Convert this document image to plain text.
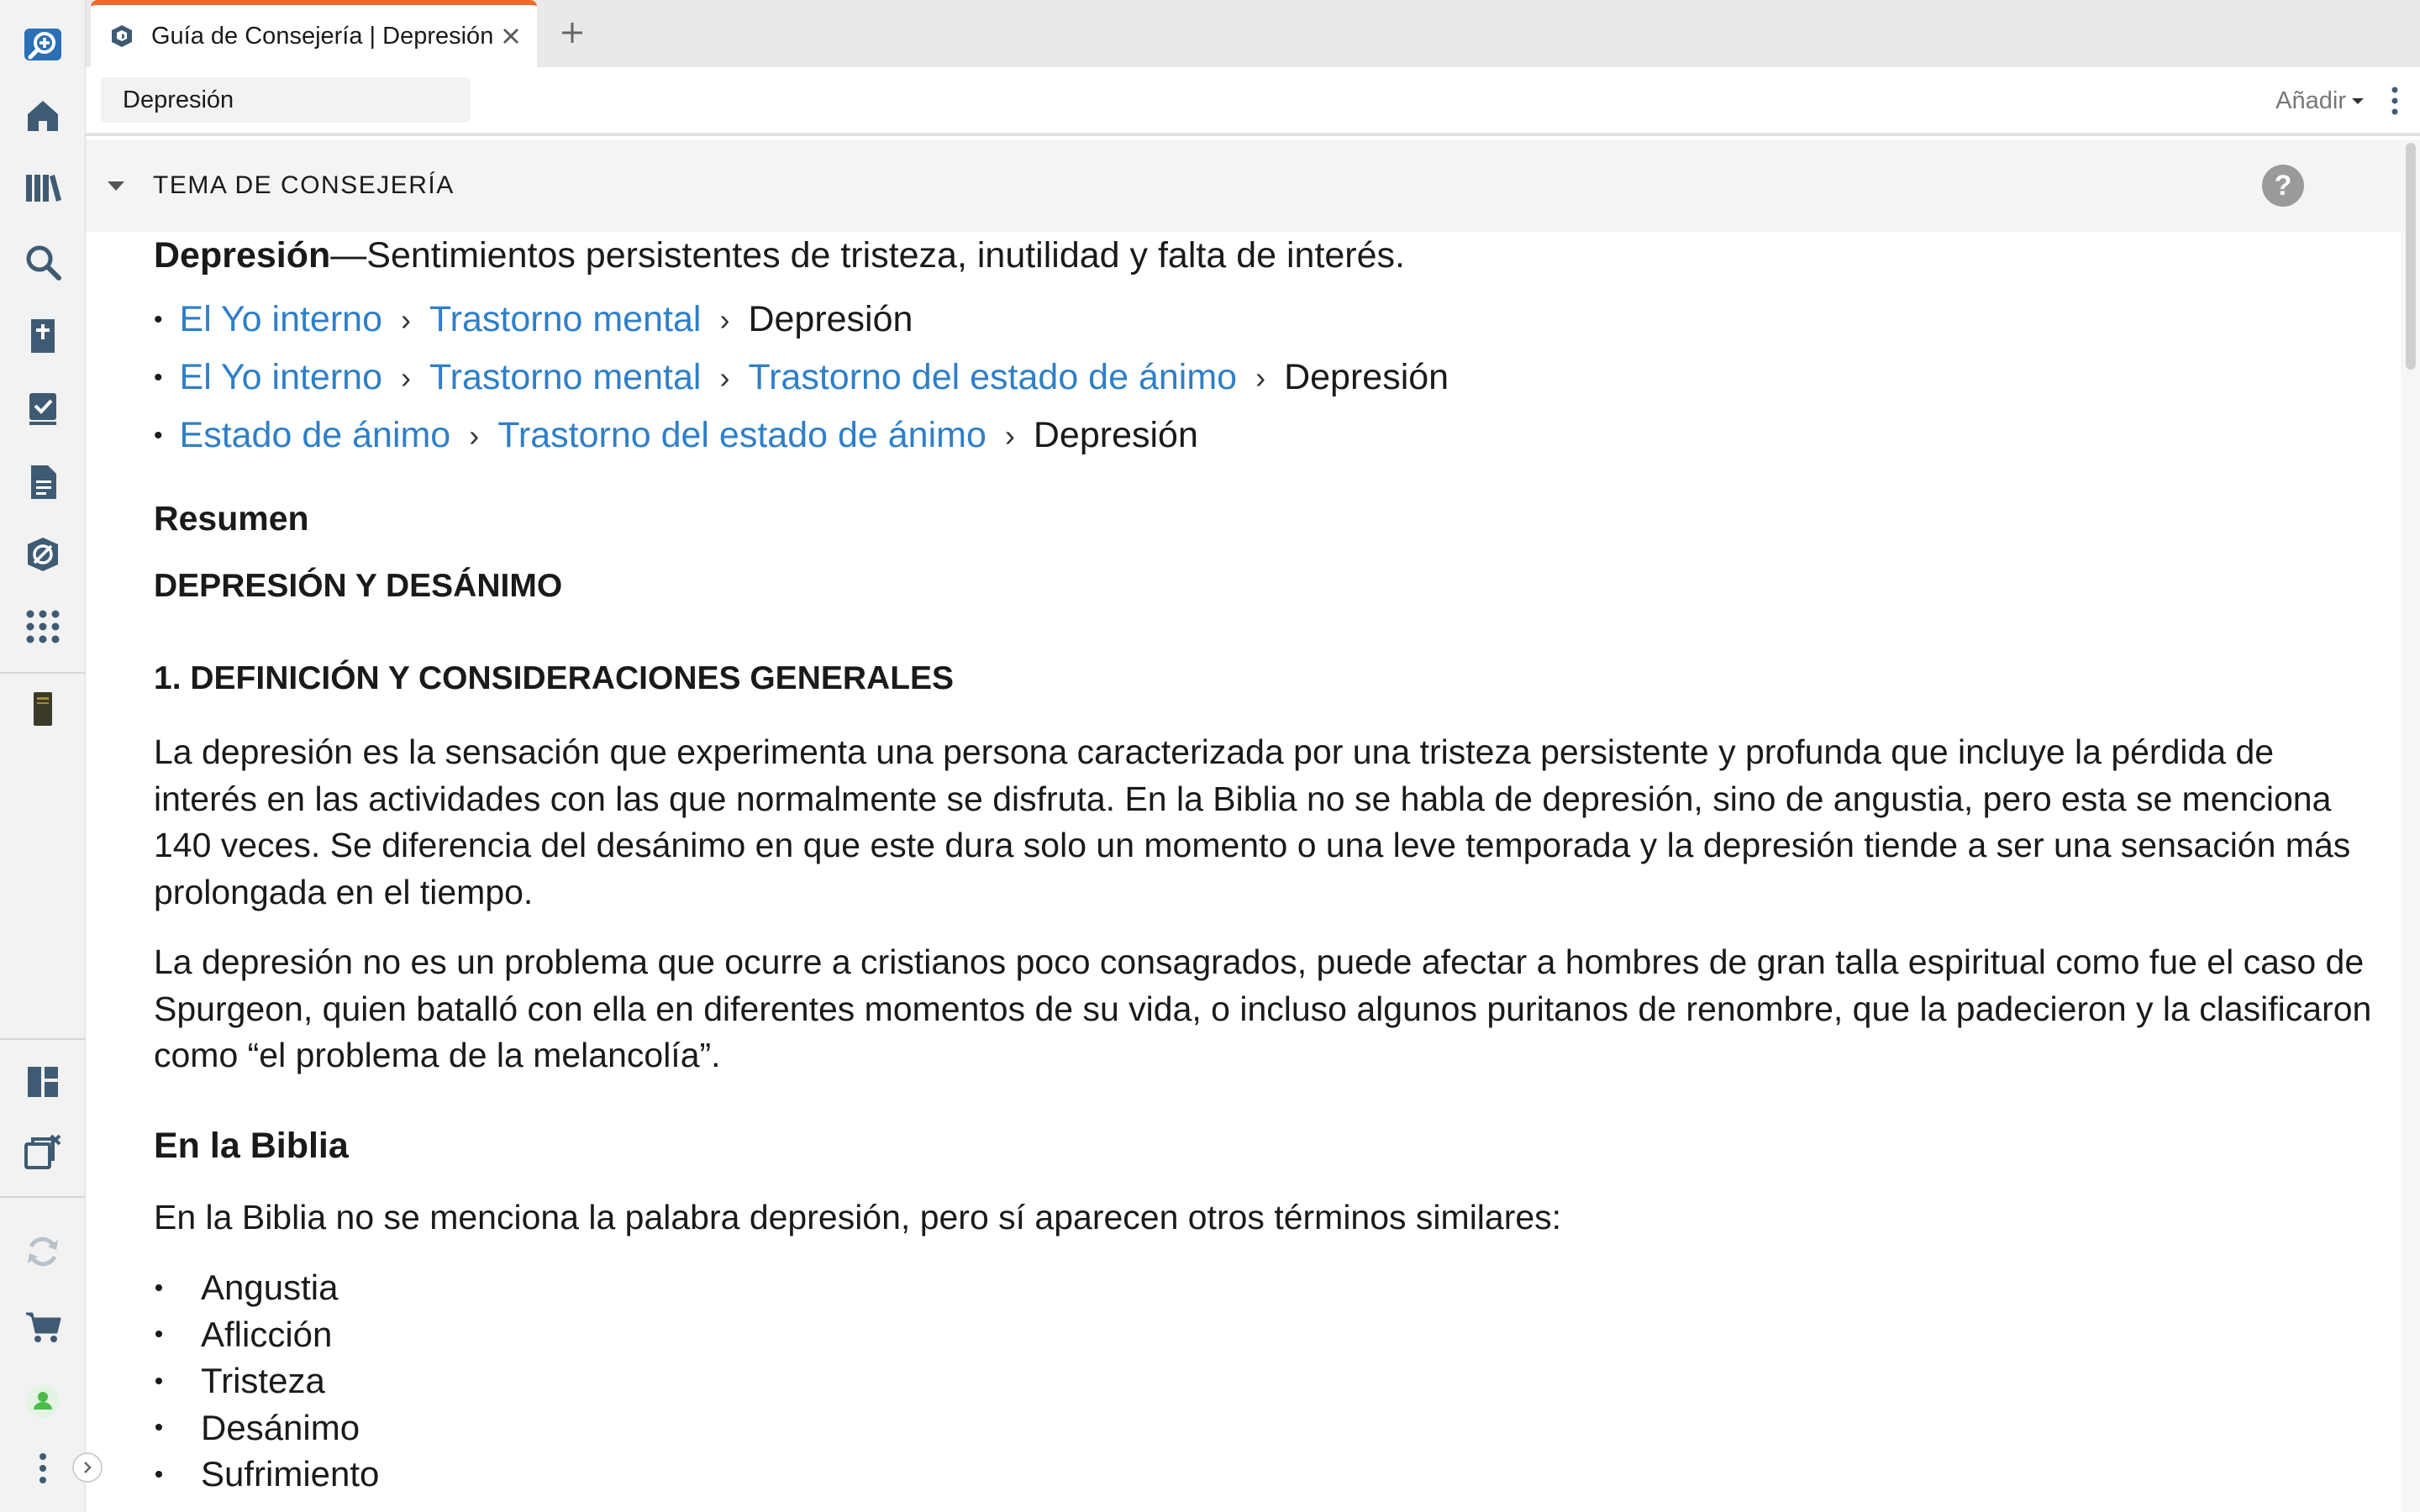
Guía de Consejería | Depresión
Depresión	Añadir
TEMA DE CONSEJERÍA	?
Depresión—Sentimientos persistentes de tristeza, inutilidad y falta de interés.
• El Yo interno › Trastorno mental › Depresión
• El Yo interno › Trastorno mental › Trastorno del estado de ánimo › Depresión
• Estado de ánimo › Trastorno del estado de ánimo › Depresión
Resumen
DEPRESIÓN Y DESÁNIMO
1. DEFINICIÓN Y CONSIDERACIONES GENERALES

La depresión es la sensación que experimenta una persona caracterizada por una tristeza persistente y profunda que incluye la pérdida de interés en las actividades con las que normalmente se disfruta. En la Biblia no se habla de depresión, sino de angustia, pero esta se menciona 140 veces. Se diferencia del desánimo en que este dura solo un momento o una leve temporada y la depresión tiende a ser una sensación más prolongada en el tiempo.

La depresión no es un problema que ocurre a cristianos poco consagrados, puede afectar a hombres de gran talla espiritual como fue el caso de Spurgeon, quien batalló con ella en diferentes momentos de su vida, o incluso algunos puritanos de renombre, que la padecieron y la clasificaron como “el problema de la melancolía”.

En la Biblia

En la Biblia no se menciona la palabra depresión, pero sí aparecen otros términos similares:

Angustia
Aflicción
Tristeza
Desánimo
Sufrimiento
